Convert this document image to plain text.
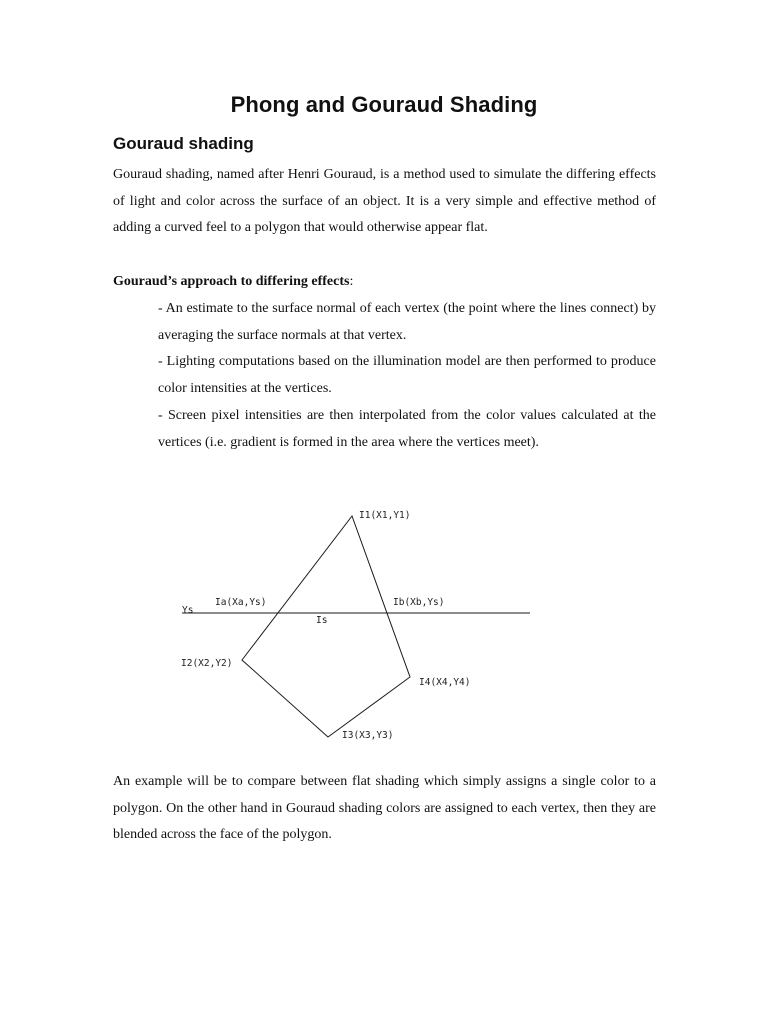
Phong and Gouraud Shading
Gouraud shading
Gouraud shading, named after Henri Gouraud, is a method used to simulate the differing effects of light and color across the surface of an object. It is a very simple and effective method of adding a curved feel to a polygon that would otherwise appear flat.
Gouraud’s approach to differing effects:
- An estimate to the surface normal of each vertex (the point where the lines connect) by averaging the surface normals at that vertex.
- Lighting computations based on the illumination model are then performed to produce color intensities at the vertices.
- Screen pixel intensities are then interpolated from the color values calculated at the vertices (i.e. gradient is formed in the area where the vertices meet).
I1(X1,Y1)
Ia(Xa,Ys)	Ib(Xb,Ys)
Ys
Is
I2(X2,Y2)
I4(X4,Y4)
I3(X3,Y3)
An example will be to compare between flat shading which simply assigns a single color to a polygon. On the other hand in Gouraud shading colors are assigned to each vertex, then they are blended across the face of the polygon.
